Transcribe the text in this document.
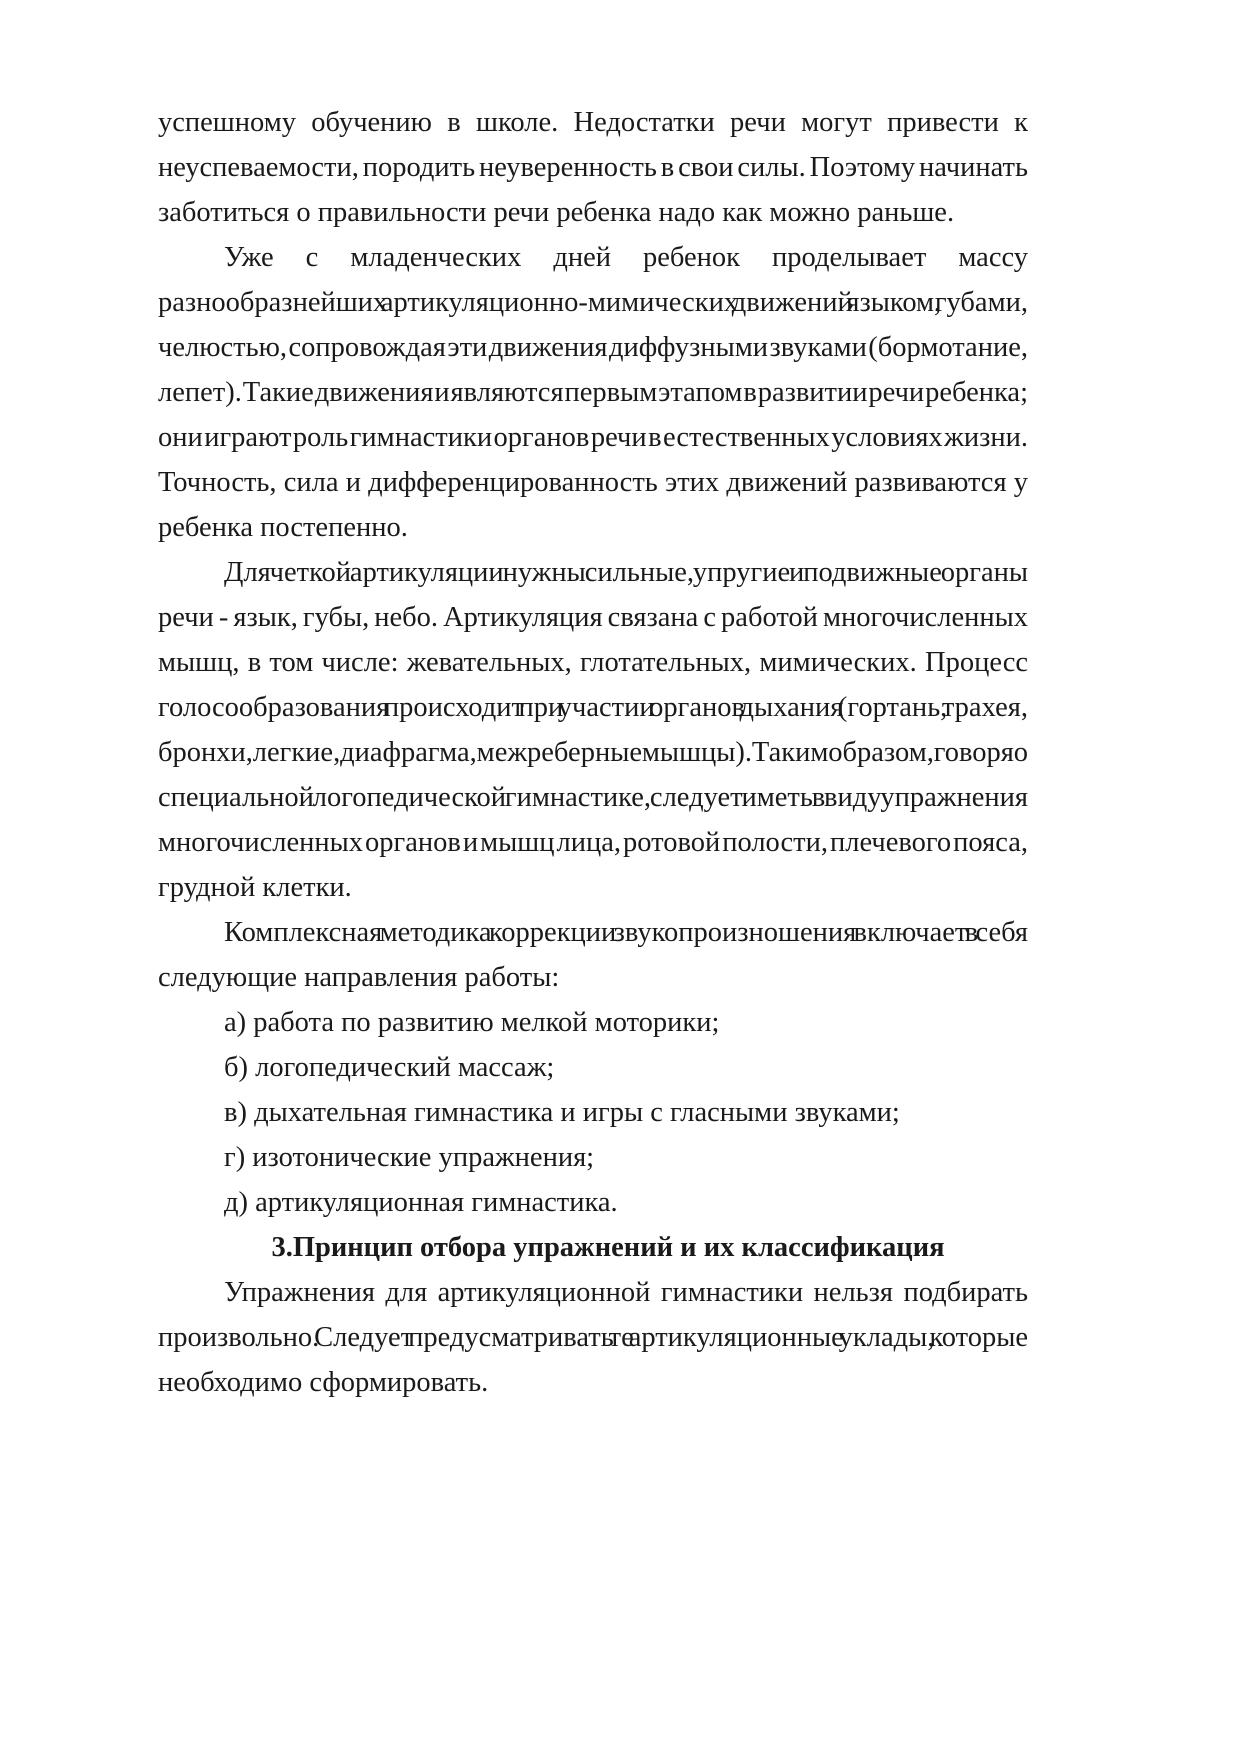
успешному обучению в школе. Недостатки речи могут привести к
неуспеваемости, породить неуверенность в свои силы. Поэтому начинать
заботиться о правильности речи ребенка надо как можно раньше.
Уже с младенческих дней ребенок проделывает массу
разнообразнейших артикуляционно-мимических движений языком, губами,
челюстью, сопровождая эти движения диффузными звуками (бормотание,
лепет). Такие движения и являются первым этапом в развитии речи ребенка;
они играют роль гимнастики органов речи в естественных условиях жизни.
Точность, сила и дифференцированность этих движений развиваются у
ребенка постепенно.
Для четкой артикуляции нужны сильные, упругие и подвижные органы
речи - язык, губы, небо. Артикуляция связана с работой многочисленных
мышц, в том числе: жевательных, глотательных, мимических. Процесс
голосообразования происходит при участии органов дыхания (гортань, трахея,
бронхи, легкие, диафрагма, межреберные мышцы). Таким образом, говоря о
специальной логопедической гимнастике, следует иметь в виду упражнения
многочисленных органов и мышц лица, ротовой полости, плечевого пояса,
грудной клетки.
Комплексная методика коррекции звукопроизношения включает в себя
следующие направления работы:
а) работа по развитию мелкой моторики;
б) логопедический массаж;
в) дыхательная гимнастика и игры с гласными звуками;
г) изотонические упражнения;
д) артикуляционная гимнастика.
3.Принцип отбора упражнений и их классификация
Упражнения для артикуляционной гимнастики нельзя подбирать
произвольно. Следует предусматривать те артикуляционные уклады, которые
необходимо сформировать.
